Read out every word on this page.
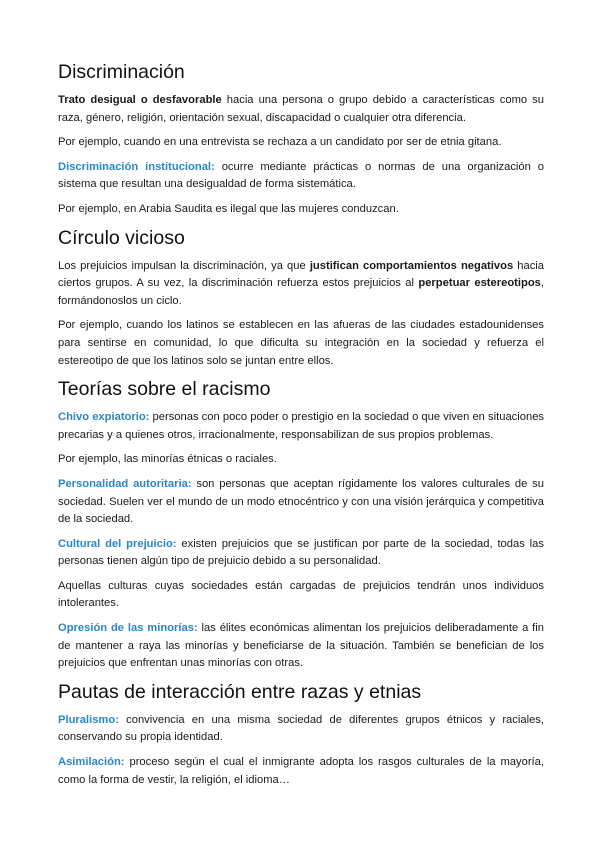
Discriminación

Trato desigual o desfavorable hacia una persona o grupo debido a características como su raza, género, religión, orientación sexual, discapacidad o cualquier otra diferencia.

Por ejemplo, cuando en una entrevista se rechaza a un candidato por ser de etnia gitana.

Discriminación institucional: ocurre mediante prácticas o normas de una organización o sistema que resultan una desigualdad de forma sistemática.

Por ejemplo, en Arabia Saudita es ilegal que las mujeres conduzcan.

Círculo vicioso

Los prejuicios impulsan la discriminación, ya que justifican comportamientos negativos hacia ciertos grupos. A su vez, la discriminación refuerza estos prejuicios al perpetuar estereotipos, formándonoslos un ciclo.

Por ejemplo, cuando los latinos se establecen en las afueras de las ciudades estadounidenses para sentirse en comunidad, lo que dificulta su integración en la sociedad y refuerza el estereotipo de que los latinos solo se juntan entre ellos.

Teorías sobre el racismo

Chivo expiatorio: personas con poco poder o prestigio en la sociedad o que viven en situaciones precarias y a quienes otros, irracionalmente, responsabilizan de sus propios problemas.

Por ejemplo, las minorías étnicas o raciales.

Personalidad autoritaria: son personas que aceptan rígidamente los valores culturales de su sociedad. Suelen ver el mundo de un modo etnocéntrico y con una visión jerárquica y competitiva de la sociedad.

Cultural del prejuicio: existen prejuicios que se justifican por parte de la sociedad, todas las personas tienen algún tipo de prejuicio debido a su personalidad.

Aquellas culturas cuyas sociedades están cargadas de prejuicios tendrán unos individuos intolerantes.

Opresión de las minorías: las élites económicas alimentan los prejuicios deliberadamente a fin de mantener a raya las minorías y beneficiarse de la situación. También se benefician de los prejuicios que enfrentan unas minorías con otras.

Pautas de interacción entre razas y etnias

Pluralismo: convivencia en una misma sociedad de diferentes grupos étnicos y raciales, conservando su propia identidad.

Asimilación: proceso según el cual el inmigrante adopta los rasgos culturales de la mayoría, como la forma de vestir, la religión, el idioma…
